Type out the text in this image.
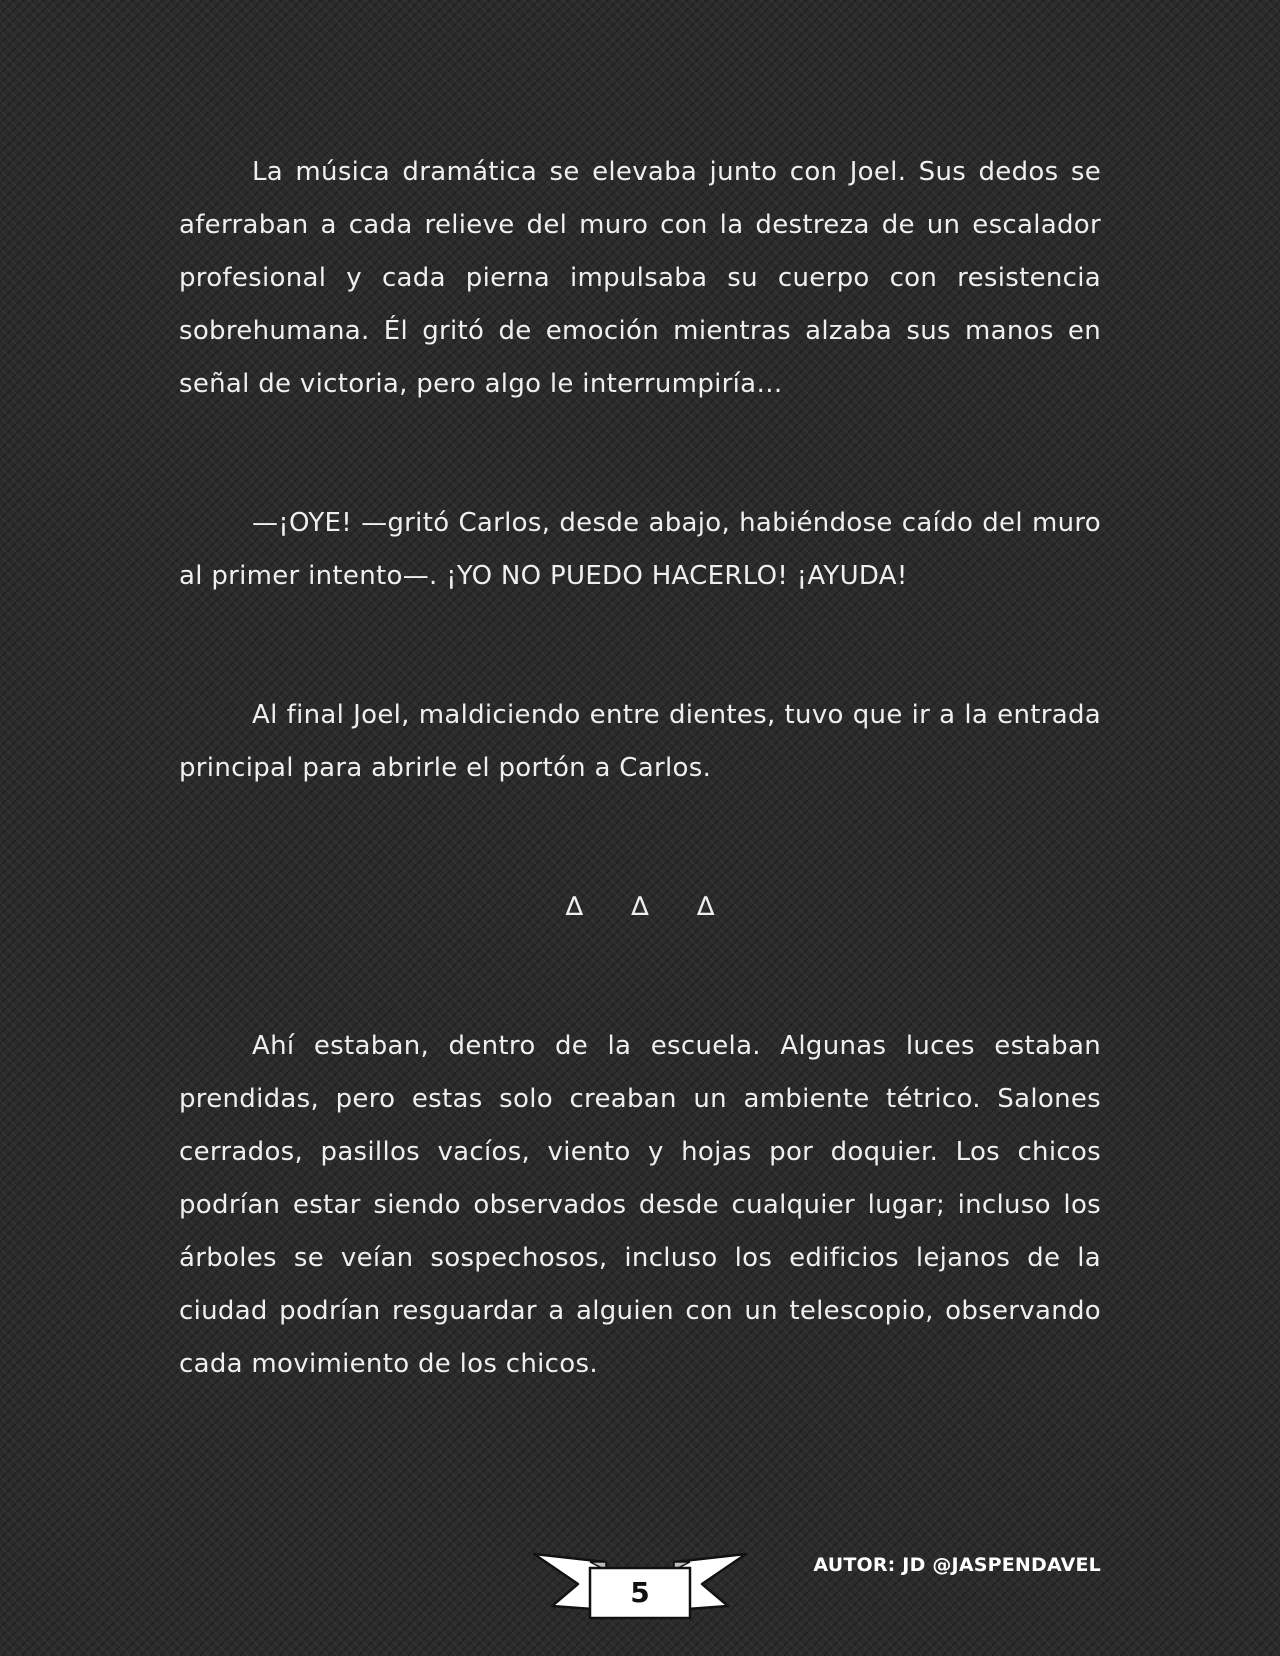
La música dramática se elevaba junto con Joel. Sus dedos se aferraban a cada relieve del muro con la destreza de un escalador profesional y cada pierna impulsaba su cuerpo con resistencia sobrehumana. Él gritó de emoción mientras alzaba sus manos en señal de victoria, pero algo le interrumpiría…

—¡OYE! —gritó Carlos, desde abajo, habiéndose caído del muro al primer intento—. ¡YO NO PUEDO HACERLO! ¡AYUDA!

Al final Joel, maldiciendo entre dientes, tuvo que ir a la entrada principal para abrirle el portón a Carlos.

∆ ∆ ∆

Ahí estaban, dentro de la escuela. Algunas luces estaban prendidas, pero estas solo creaban un ambiente tétrico. Salones cerrados, pasillos vacíos, viento y hojas por doquier. Los chicos podrían estar siendo observados desde cualquier lugar; incluso los árboles se veían sospechosos, incluso los edificios lejanos de la ciudad podrían resguardar a alguien con un telescopio, observando cada movimiento de los chicos.

5
AUTOR: JD @JASPENDAVEL
